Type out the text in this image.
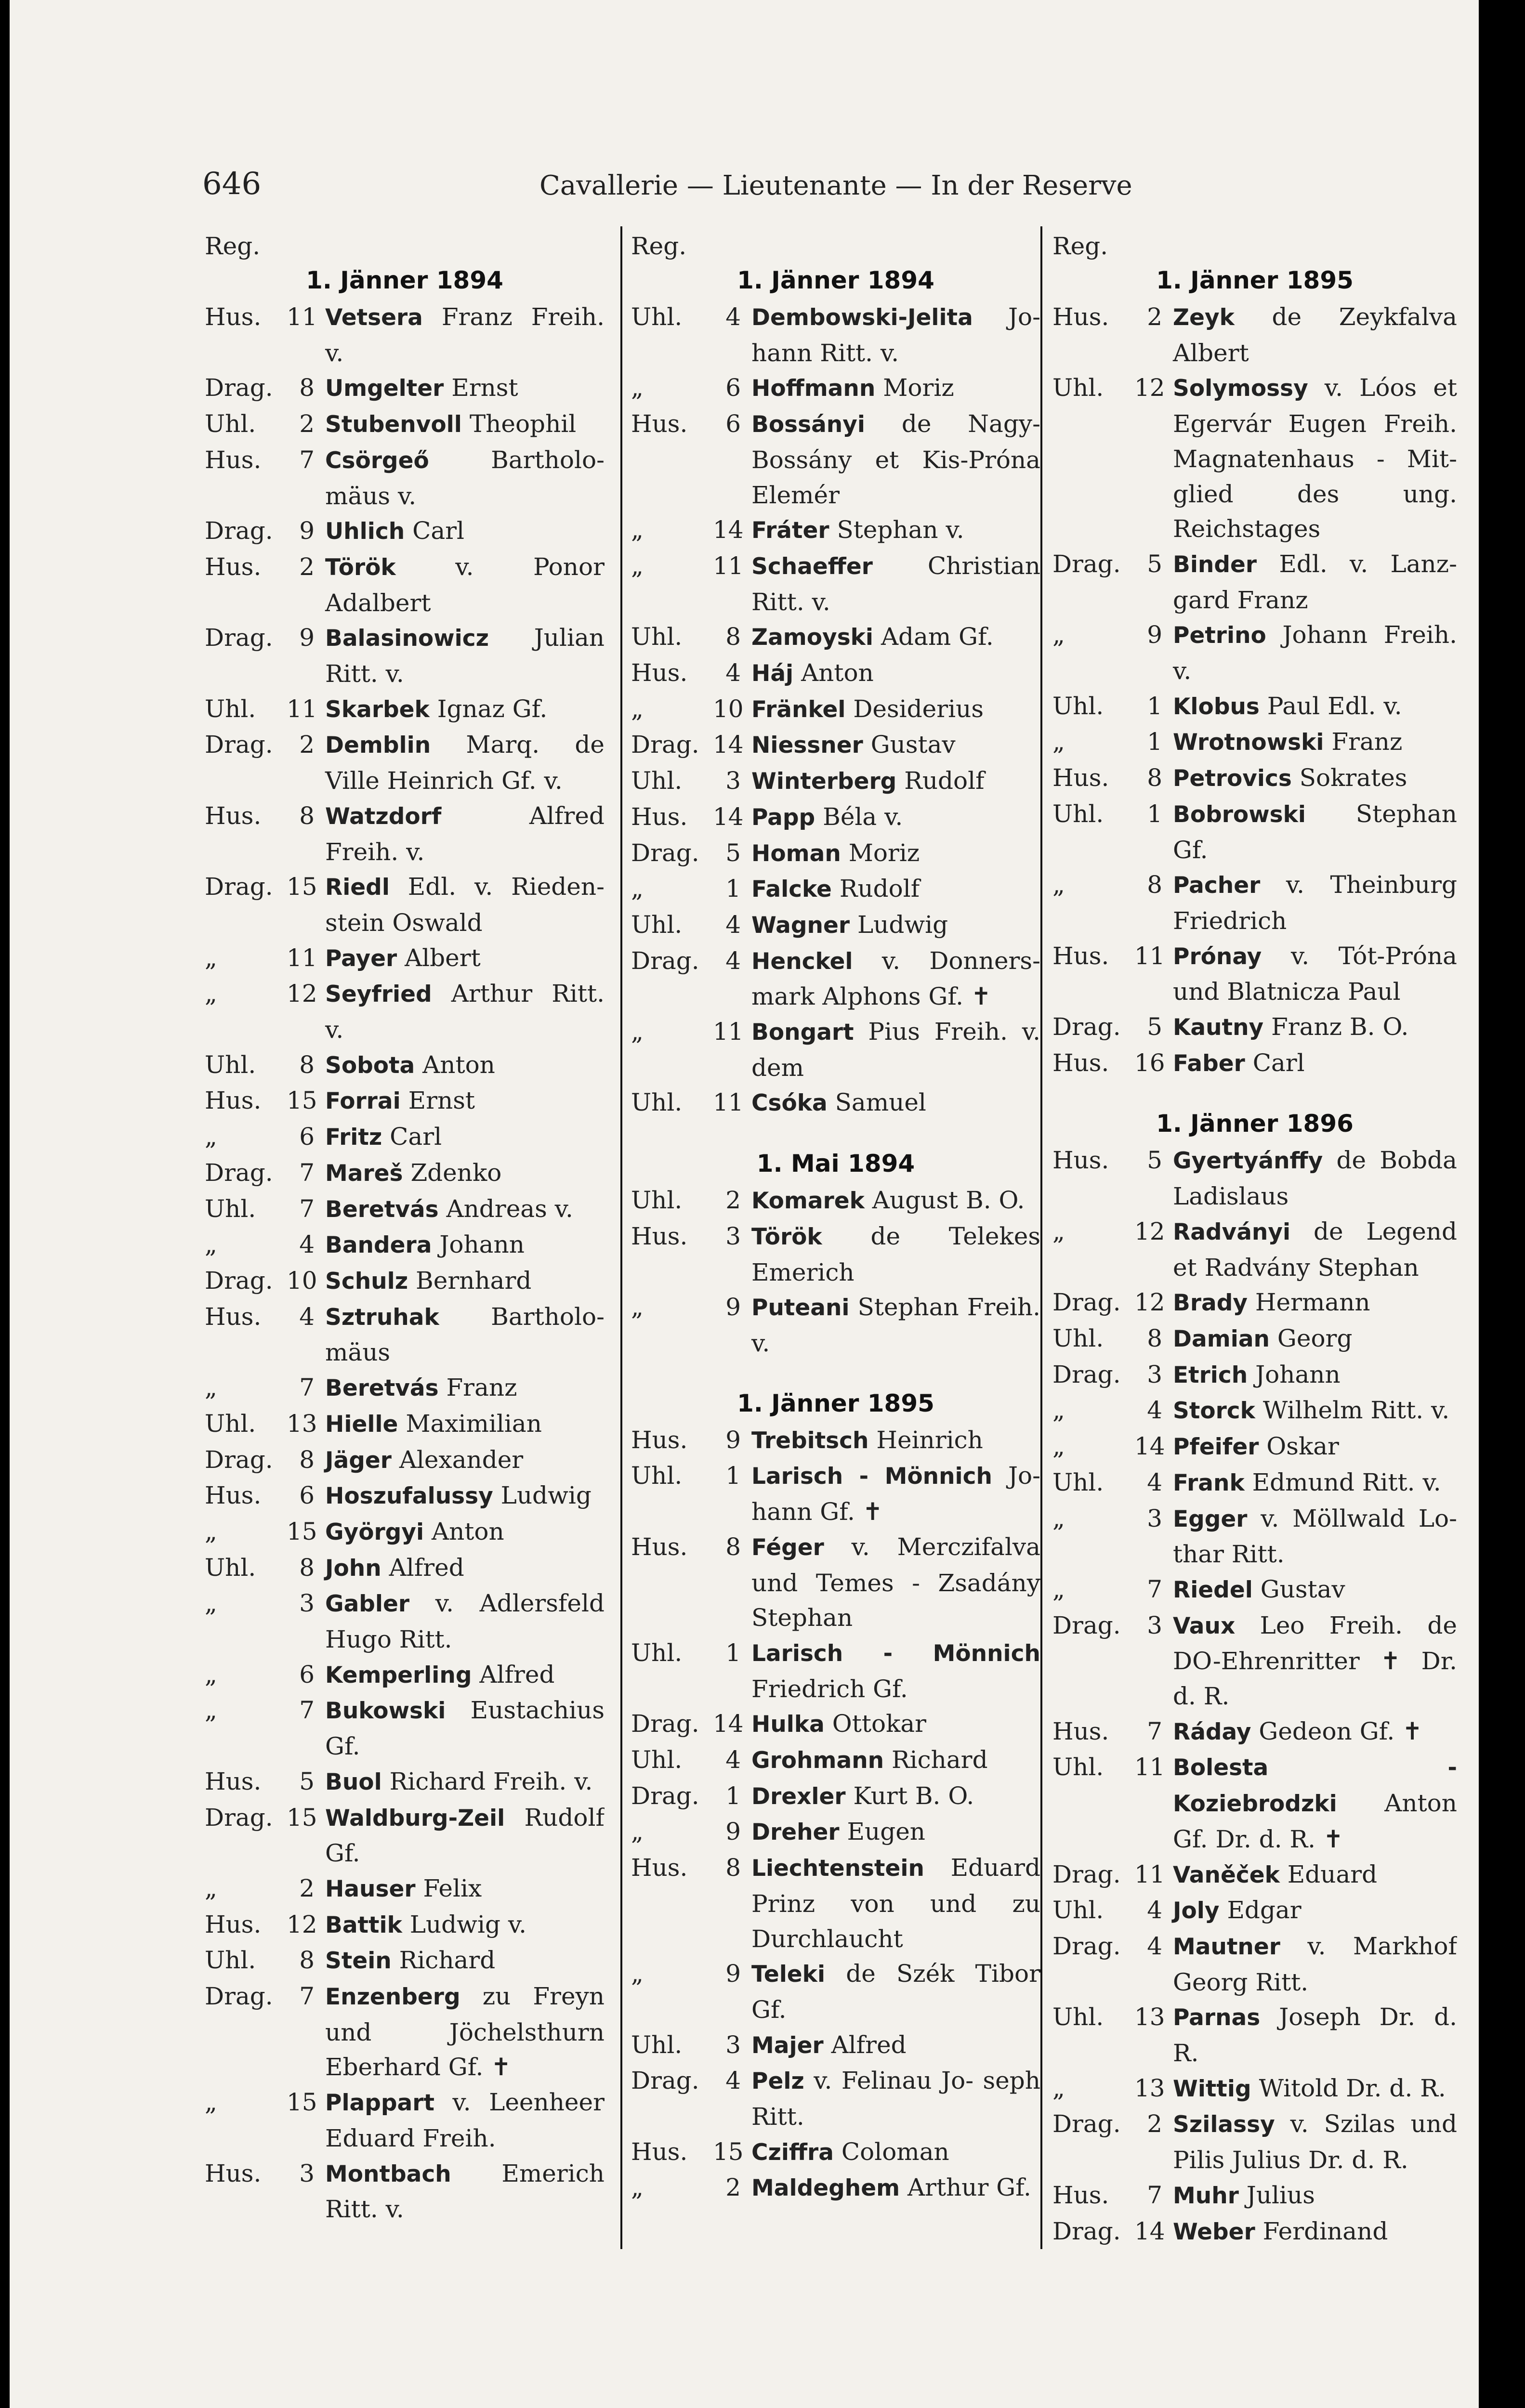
646	Cavallerie — Lieutenante — In der Reserve
Reg.
1. Jänner 1894
Hus.	11 Vetsera Franz Freih. v.
Drag.	8 Umgelter Ernst
Uhl.	2 Stubenvoll Theophil
Hus.	7 Csörgeő	Bartholo- mäus v.
Drag.	9 Uhlich Carl
Hus.	2 Török v. Ponor Adalbert
Drag.	9 Balasinowicz Julian Ritt. v.
Uhl.	11 Skarbek Ignaz Gf.
Drag.	2 Demblin Marq. de Ville Heinrich Gf. v.
Hus.	8 Watzdorf	Alfred Freih. v.
Drag. 15 Riedl Edl. v. Rieden- stein Oswald
„	11 Payer Albert
„	12 Seyfried Arthur Ritt. v.
Uhl.	8 Sobota Anton
Hus.	15 Forrai Ernst
„	6 Fritz Carl
Drag.	7 Mareš Zdenko
Uhl.	7 Beretvás Andreas v.
„	4 Bandera Johann
Drag. 10 Schulz Bernhard
Hus.	4 Sztruhak Bartholo- mäus
„	7 Beretvás Franz
Uhl.	13 Hielle Maximilian
Drag.	8 Jäger Alexander
Hus.	6 Hoszufalussy Ludwig
„	15 Györgyi Anton
Uhl.	8 John Alfred
„	3 Gabler v. Adlersfeld Hugo Ritt.
„	6 Kemperling Alfred
„	7 Bukowski Eustachius Gf.
Hus.	5 Buol Richard Freih. v.
Drag. 15 Waldburg-Zeil Rudolf Gf.
„	2 Hauser Felix
Hus.	12 Battik Ludwig v.
Uhl.	8 Stein Richard
Drag.	7 Enzenberg zu Freyn und Jöchelsthurn Eberhard Gf. ✝
„	15 Plappart v. Leenheer Eduard Freih.
Hus.	3 Montbach Emerich Ritt. v.
Reg.
1. Jänner 1894
Uhl.	4 Dembowski-Jelita Jo- hann Ritt. v.
„	6 Hoffmann Moriz
Hus.	6 Bossányi de Nagy- Bossány et Kis-Próna Elemér
„	14 Fráter Stephan v.
„	11 Schaeffer Christian Ritt. v.
Uhl.	8 Zamoyski Adam Gf.
Hus.	4 Háj Anton
„	10 Fränkel Desiderius
Drag. 14 Niessner Gustav
Uhl.	3 Winterberg Rudolf
Hus.	14 Papp Béla v.
Drag.	5 Homan Moriz
„	1 Falcke Rudolf
Uhl.	4 Wagner Ludwig
Drag.	4 Henckel v. Donners- mark Alphons Gf. ✝
„	11 Bongart Pius Freih. v. dem
Uhl.	11 Csóka Samuel
1. Mai 1894
Uhl.	2 Komarek August B. O.
Hus.	3 Török de Telekes Emerich
„	9 Puteani Stephan Freih. v.
1. Jänner 1895
Hus.	9 Trebitsch Heinrich
Uhl.	1 Larisch - Mönnich Jo- hann Gf. ✝
Hus.	8 Féger v. Merczifalva und Temes - Zsadány Stephan
Uhl.	1 Larisch - Mönnich Friedrich Gf.
Drag. 14 Hulka Ottokar
Uhl.	4 Grohmann Richard
Drag.	1 Drexler Kurt B. O.
„	9 Dreher Eugen
Hus.	8 Liechtenstein Eduard Prinz von und zu Durchlaucht
„	9 Teleki de Szék Tibor Gf.
Uhl.	3 Majer Alfred
Drag.	4 Pelz v. Felinau Jo- seph Ritt.
Hus.	15 Cziffra Coloman
„	2 Maldeghem Arthur Gf.
Reg.
1. Jänner 1895
Hus.	2 Zeyk de Zeykfalva Albert
Uhl.	12 Solymossy v. Lóos et Egervár Eugen Freih. Magnatenhaus - Mit- glied des ung. Reichstages
Drag.	5 Binder Edl. v. Lanz- gard Franz
„	9 Petrino Johann Freih. v.
Uhl.	1 Klobus Paul Edl. v.
„	1 Wrotnowski Franz
Hus.	8 Petrovics Sokrates
Uhl.	1 Bobrowski Stephan Gf.
„	8 Pacher v. Theinburg Friedrich
Hus.	11 Prónay v. Tót-Próna und Blatnicza Paul
Drag.	5 Kautny Franz B. O.
Hus.	16 Faber Carl
1. Jänner 1896
Hus.	5 Gyertyánffy de Bobda Ladislaus
„	12 Radványi de Legend et Radvány Stephan
Drag. 12 Brady Hermann
Uhl.	8 Damian Georg
Drag.	3 Etrich Johann
„	4 Storck Wilhelm Ritt. v.
„	14 Pfeifer Oskar
Uhl.	4 Frank Edmund Ritt. v.
„	3 Egger v. Möllwald Lo- thar Ritt.
„	7 Riedel Gustav
Drag.	3 Vaux Leo Freih. de DO-Ehrenritter ✝ Dr. d. R.
Hus.	7 Ráday Gedeon Gf. ✝
Uhl.	11 Bolesta - Koziebrodzki Anton Gf. Dr. d. R. ✝
Drag. 11 Vaněček Eduard
Uhl.	4 Joly Edgar
Drag.	4 Mautner v. Markhof Georg Ritt.
Uhl.	13 Parnas Joseph Dr. d. R.
„	13 Wittig Witold Dr. d. R.
Drag.	2 Szilassy v. Szilas und Pilis Julius Dr. d. R.
Hus.	7 Muhr Julius
Drag. 14 Weber Ferdinand
